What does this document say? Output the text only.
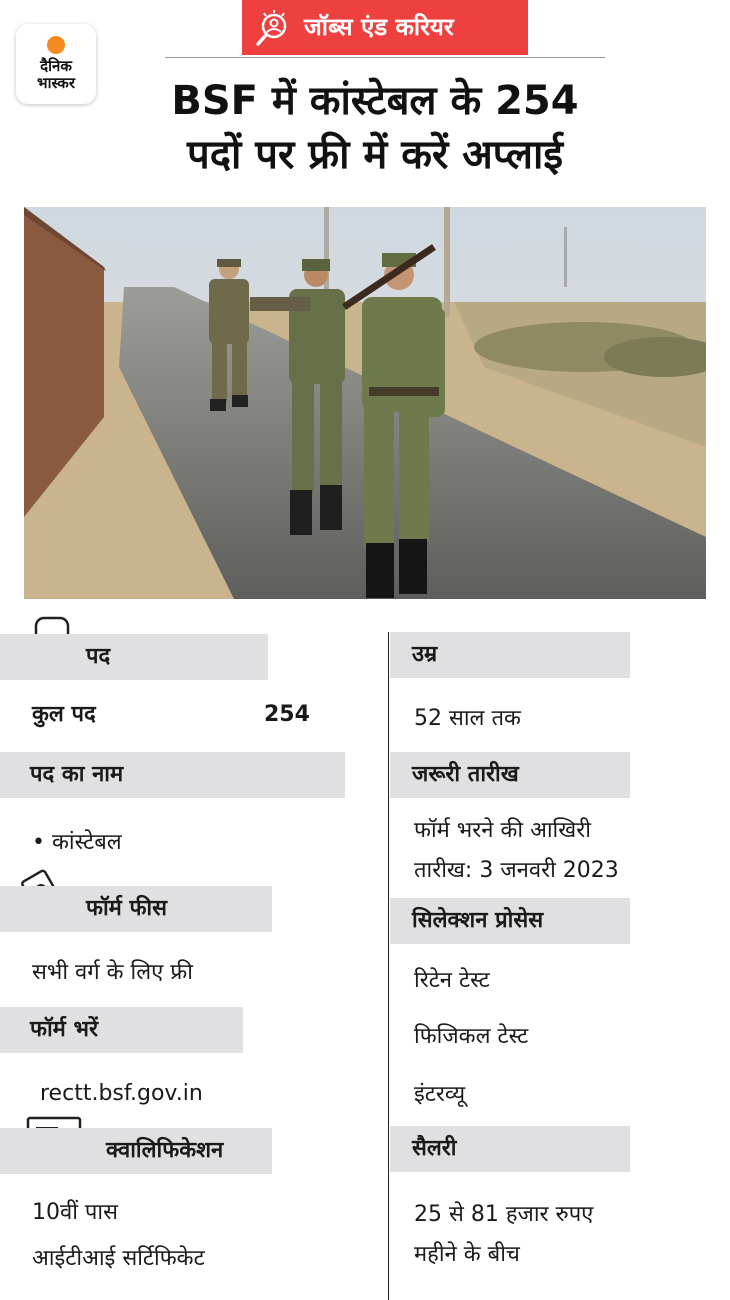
दैनिक
भास्कर
जॉब्स एंड करियर
BSF में कांस्टेबल के 254
पदों पर फ्री में करें अप्लाई
पद
कुल पद	254
पद का नाम
• कांस्टेबल
फॉर्म फीस
सभी वर्ग के लिए फ्री
फॉर्म भरें
rectt.bsf.gov.in
क्वालिफिकेशन
10वीं पास
आईटीआई सर्टिफिकेट
उम्र
52 साल तक
जरूरी तारीख
फॉर्म भरने की आखिरी
तारीख: 3 जनवरी 2023
सिलेक्शन प्रोसेस
रिटेन टेस्ट
फिजिकल टेस्ट
इंटरव्यू
सैलरी
25 से 81 हजार रुपए
महीने के बीच
